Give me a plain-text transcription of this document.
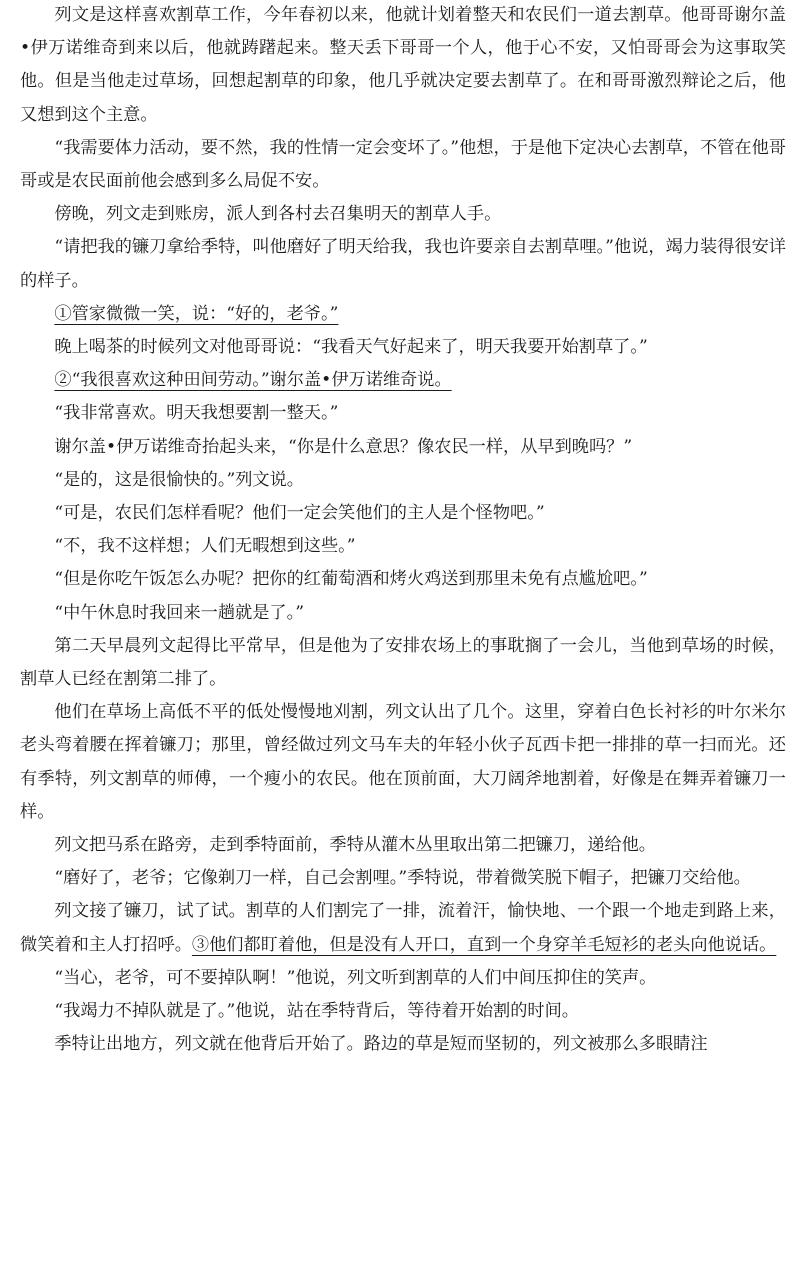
列文是这样喜欢割草工作，今年春初以来，他就计划着整天和农民们一道去割草。他哥哥谢尔盖•伊万诺维奇到来以后，他就踌躇起来。整天丢下哥哥一个人，他于心不安，又怕哥哥会为这事取笑他。但是当他走过草场，回想起割草的印象，他几乎就决定要去割草了。在和哥哥激烈辩论之后，他又想到这个主意。

“我需要体力活动，要不然，我的性情一定会变坏了。”他想，于是他下定决心去割草，不管在他哥哥或是农民面前他会感到多么局促不安。

傍晚，列文走到账房，派人到各村去召集明天的割草人手。

“请把我的镰刀拿给季特，叫他磨好了明天给我，我也许要亲自去割草哩。”他说，竭力装得很安详的样子。

①管家微微一笑，说：“好的，老爷。”

晚上喝茶的时候列文对他哥哥说：“我看天气好起来了，明天我要开始割草了。”

②“我很喜欢这种田间劳动。”谢尔盖•伊万诺维奇说。

“我非常喜欢。明天我想要割一整天。”

谢尔盖•伊万诺维奇抬起头来，“你是什么意思？像农民一样，从早到晚吗？”

“是的，这是很愉快的。”列文说。

“可是，农民们怎样看呢？他们一定会笑他们的主人是个怪物吧。”

“不，我不这样想；人们无暇想到这些。”

“但是你吃午饭怎么办呢？把你的红葡萄酒和烤火鸡送到那里未免有点尴尬吧。”

“中午休息时我回来一趟就是了。”

第二天早晨列文起得比平常早，但是他为了安排农场上的事耽搁了一会儿，当他到草场的时候，割草人已经在割第二排了。

他们在草场上高低不平的低处慢慢地刈割，列文认出了几个。这里，穿着白色长衬衫的叶尔米尔老头弯着腰在挥着镰刀；那里，曾经做过列文马车夫的年轻小伙子瓦西卡把一排排的草一扫而光。还有季特，列文割草的师傅，一个瘦小的农民。他在顶前面，大刀阔斧地割着，好像是在舞弄着镰刀一样。

列文把马系在路旁，走到季特面前，季特从灌木丛里取出第二把镰刀，递给他。

“磨好了，老爷；它像剃刀一样，自己会割哩。”季特说，带着微笑脱下帽子，把镰刀交给他。

列文接了镰刀，试了试。割草的人们割完了一排，流着汗，愉快地、一个跟一个地走到路上来，微笑着和主人打招呼。③他们都盯着他，但是没有人开口，直到一个身穿羊毛短衫的老头向他说话。

“当心，老爷，可不要掉队啊！”他说，列文听到割草的人们中间压抑住的笑声。

“我竭力不掉队就是了。”他说，站在季特背后，等待着开始割的时间。

季特让出地方，列文就在他背后开始了。路边的草是短而坚韧的，列文被那么多眼睛注
